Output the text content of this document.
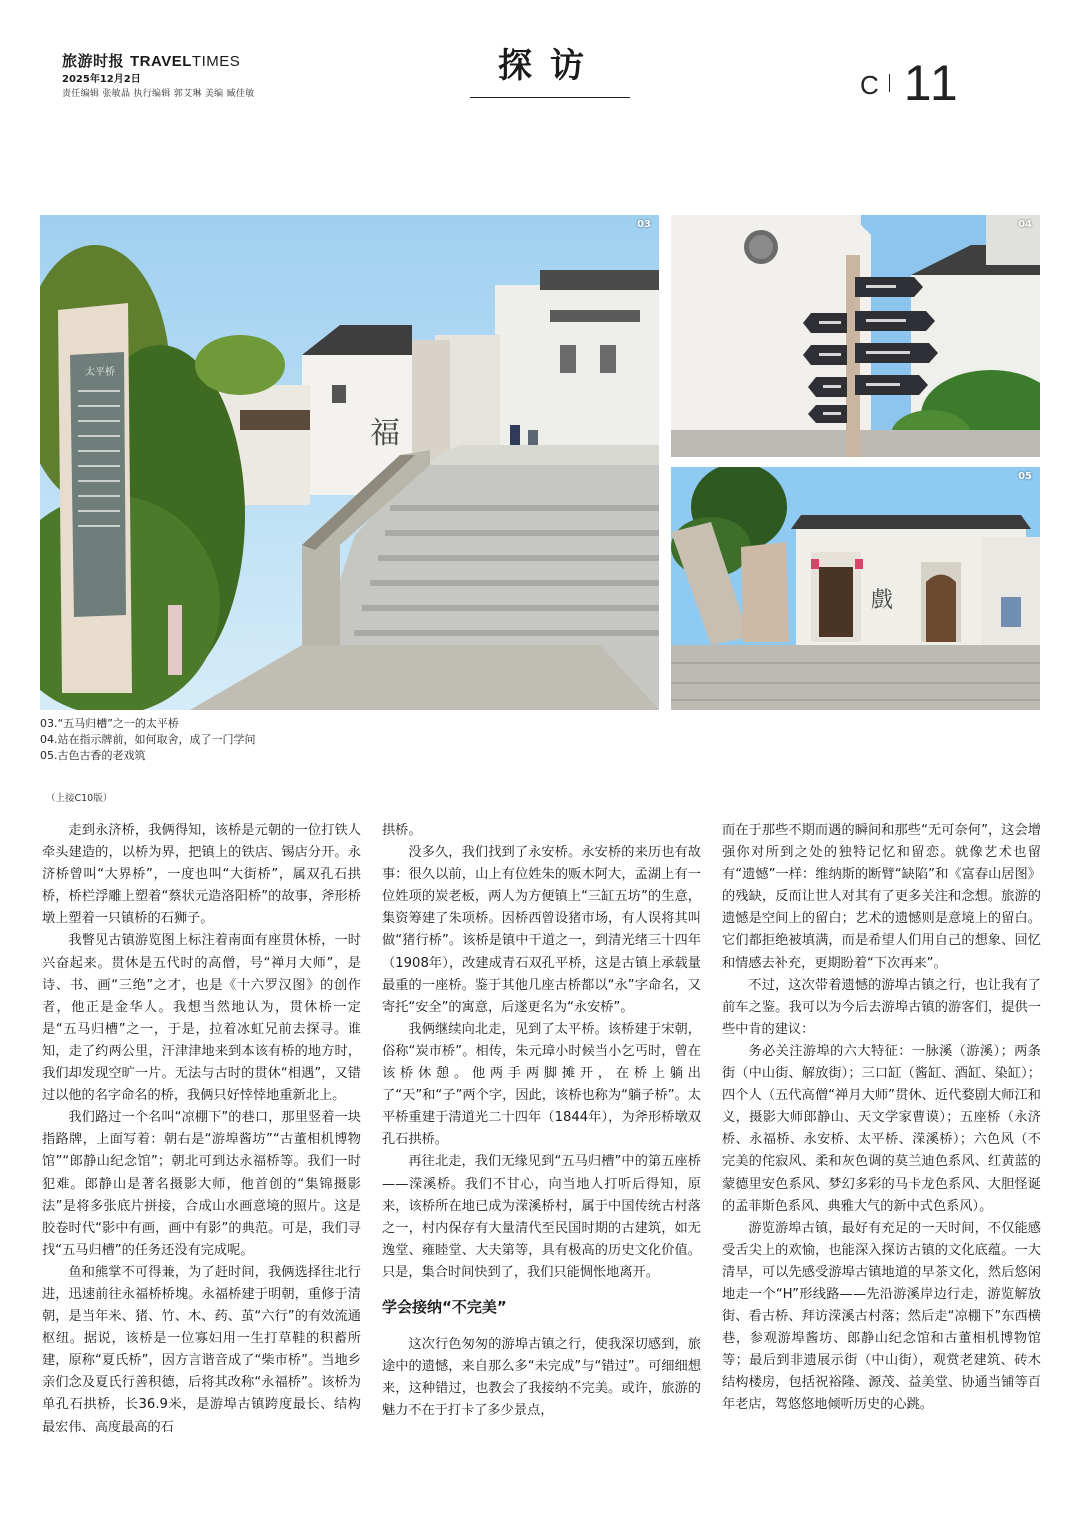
旅游时报 TRAVELTIMES
2025年12月2日
责任编辑 张敏晶 执行编辑 郭艾琳 美编 臧佳敏
探访	C 11
福
太平桥
03	04
戲
05
03.“五马归槽”之一的太平桥
04.站在指示牌前，如何取舍，成了一门学问
05.古色古香的老戏筑
（上接C10版）

走到永济桥，我俩得知，该桥是元朝的一位打铁人牵头建造的，以桥为界，把镇上的铁店、锡店分开。永济桥曾叫“大界桥”，一度也叫“大街桥”，属双孔石拱桥，桥栏浮雕上塑着“蔡状元造洛阳桥”的故事，斧形桥墩上塑着一只镇桥的石狮子。

我瞥见古镇游览图上标注着南面有座贯休桥，一时兴奋起来。贯休是五代时的高僧，号“禅月大师”，是诗、书、画“三绝”之才，也是《十六罗汉图》的创作者，他正是金华人。我想当然地认为，贯休桥一定是“五马归槽”之一，于是，拉着冰虹兄前去探寻。谁知，走了约两公里，汗津津地来到本该有桥的地方时，我们却发现空旷一片。无法与古时的贯休“相遇”，又错过以他的名字命名的桥，我俩只好悻悻地重新北上。

我们路过一个名叫“凉棚下”的巷口，那里竖着一块指路牌，上面写着：朝右是“游埠酱坊”“古董相机博物馆”“郎静山纪念馆”；朝北可到达永福桥等。我们一时犯难。郎静山是著名摄影大师，他首创的“集锦摄影法”是将多张底片拼接，合成山水画意境的照片。这是胶卷时代“影中有画，画中有影”的典范。可是，我们寻找“五马归槽”的任务还没有完成呢。

鱼和熊掌不可得兼，为了赶时间，我俩选择往北行进，迅速前往永福桥桥塊。永福桥建于明朝，重修于清朝，是当年米、猪、竹、木、药、茧“六行”的有效流通枢纽。据说，该桥是一位寡妇用一生打草鞋的积蓄所建，原称“夏氏桥”，因方言谐音成了“柴市桥”。当地乡亲们念及夏氏行善积德，后将其改称“永福桥”。该桥为单孔石拱桥，长36.9米，是游埠古镇跨度最长、结构最宏伟、高度最高的石

拱桥。

没多久，我们找到了永安桥。永安桥的来历也有故事：很久以前，山上有位姓朱的贩木阿大，孟湖上有一位姓项的炭老板，两人为方便镇上“三缸五坊”的生意，集资筹建了朱项桥。因桥西曾设猪市场，有人误将其叫做“猪行桥”。该桥是镇中干道之一，到清光绪三十四年（1908年），改建成青石双孔平桥，这是古镇上承载量最重的一座桥。鉴于其他几座古桥都以“永”字命名，又寄托“安全”的寓意，后遂更名为“永安桥”。

我俩继续向北走，见到了太平桥。该桥建于宋朝，俗称“炭市桥”。相传，朱元璋小时候当小乞丐时，曾在该桥休憩。他两手两脚摊开，在桥上躺出了“天”和“子”两个字，因此，该桥也称为“躺子桥”。太平桥重建于清道光二十四年（1844年），为斧形桥墩双孔石拱桥。

再往北走，我们无缘见到“五马归槽”中的第五座桥——溁溪桥。我们不甘心，向当地人打听后得知，原来，该桥所在地已成为溁溪桥村，属于中国传统古村落之一，村内保存有大量清代至民国时期的古建筑，如无逸堂、雍睦堂、大夫第等，具有极高的历史文化价值。只是，集合时间快到了，我们只能惆怅地离开。

学会接纳“不完美”

这次行色匆匆的游埠古镇之行，使我深切感到，旅途中的遗憾，来自那么多“未完成”与“错过”。可细细想来，这种错过，也教会了我接纳不完美。或许，旅游的魅力不在于打卡了多少景点，

而在于那些不期而遇的瞬间和那些“无可奈何”，这会增强你对所到之处的独特记忆和留恋。就像艺术也留有“遗憾”一样：维纳斯的断臂“缺陷”和《富春山居图》的残缺，反而让世人对其有了更多关注和念想。旅游的遗憾是空间上的留白；艺术的遗憾则是意境上的留白。它们都拒绝被填满，而是希望人们用自己的想象、回忆和情感去补充，更期盼着“下次再来”。

不过，这次带着遗憾的游埠古镇之行，也让我有了前车之鉴。我可以为今后去游埠古镇的游客们，提供一些中肯的建议：

务必关注游埠的六大特征：一脉溪（游溪）；两条街（中山街、解放街）；三口缸（酱缸、酒缸、染缸）；四个人（五代高僧“禅月大师”贯休、近代婺剧大师江和义，摄影大师郎静山、天文学家曹谟）；五座桥（永济桥、永福桥、永安桥、太平桥、溁溪桥）；六色风（不完美的侘寂风、柔和灰色调的莫兰迪色系风、红黄蓝的蒙德里安色系风、梦幻多彩的马卡龙色系风、大胆怪诞的孟菲斯色系风、典雅大气的新中式色系风）。

游览游埠古镇，最好有充足的一天时间，不仅能感受舌尖上的欢愉，也能深入探访古镇的文化底蕴。一大清早，可以先感受游埠古镇地道的早茶文化，然后悠闲地走一个“H”形线路——先沿游溪岸边行走，游览解放街、看古桥、拜访溁溪古村落；然后走“凉棚下”东西横巷，参观游埠酱坊、郎静山纪念馆和古董相机博物馆等；最后到非遗展示街（中山街），观赏老建筑、砖木结构楼房，包括祝裕隆、源茂、益美堂、协通当铺等百年老店，驾悠悠地倾听历史的心跳。
